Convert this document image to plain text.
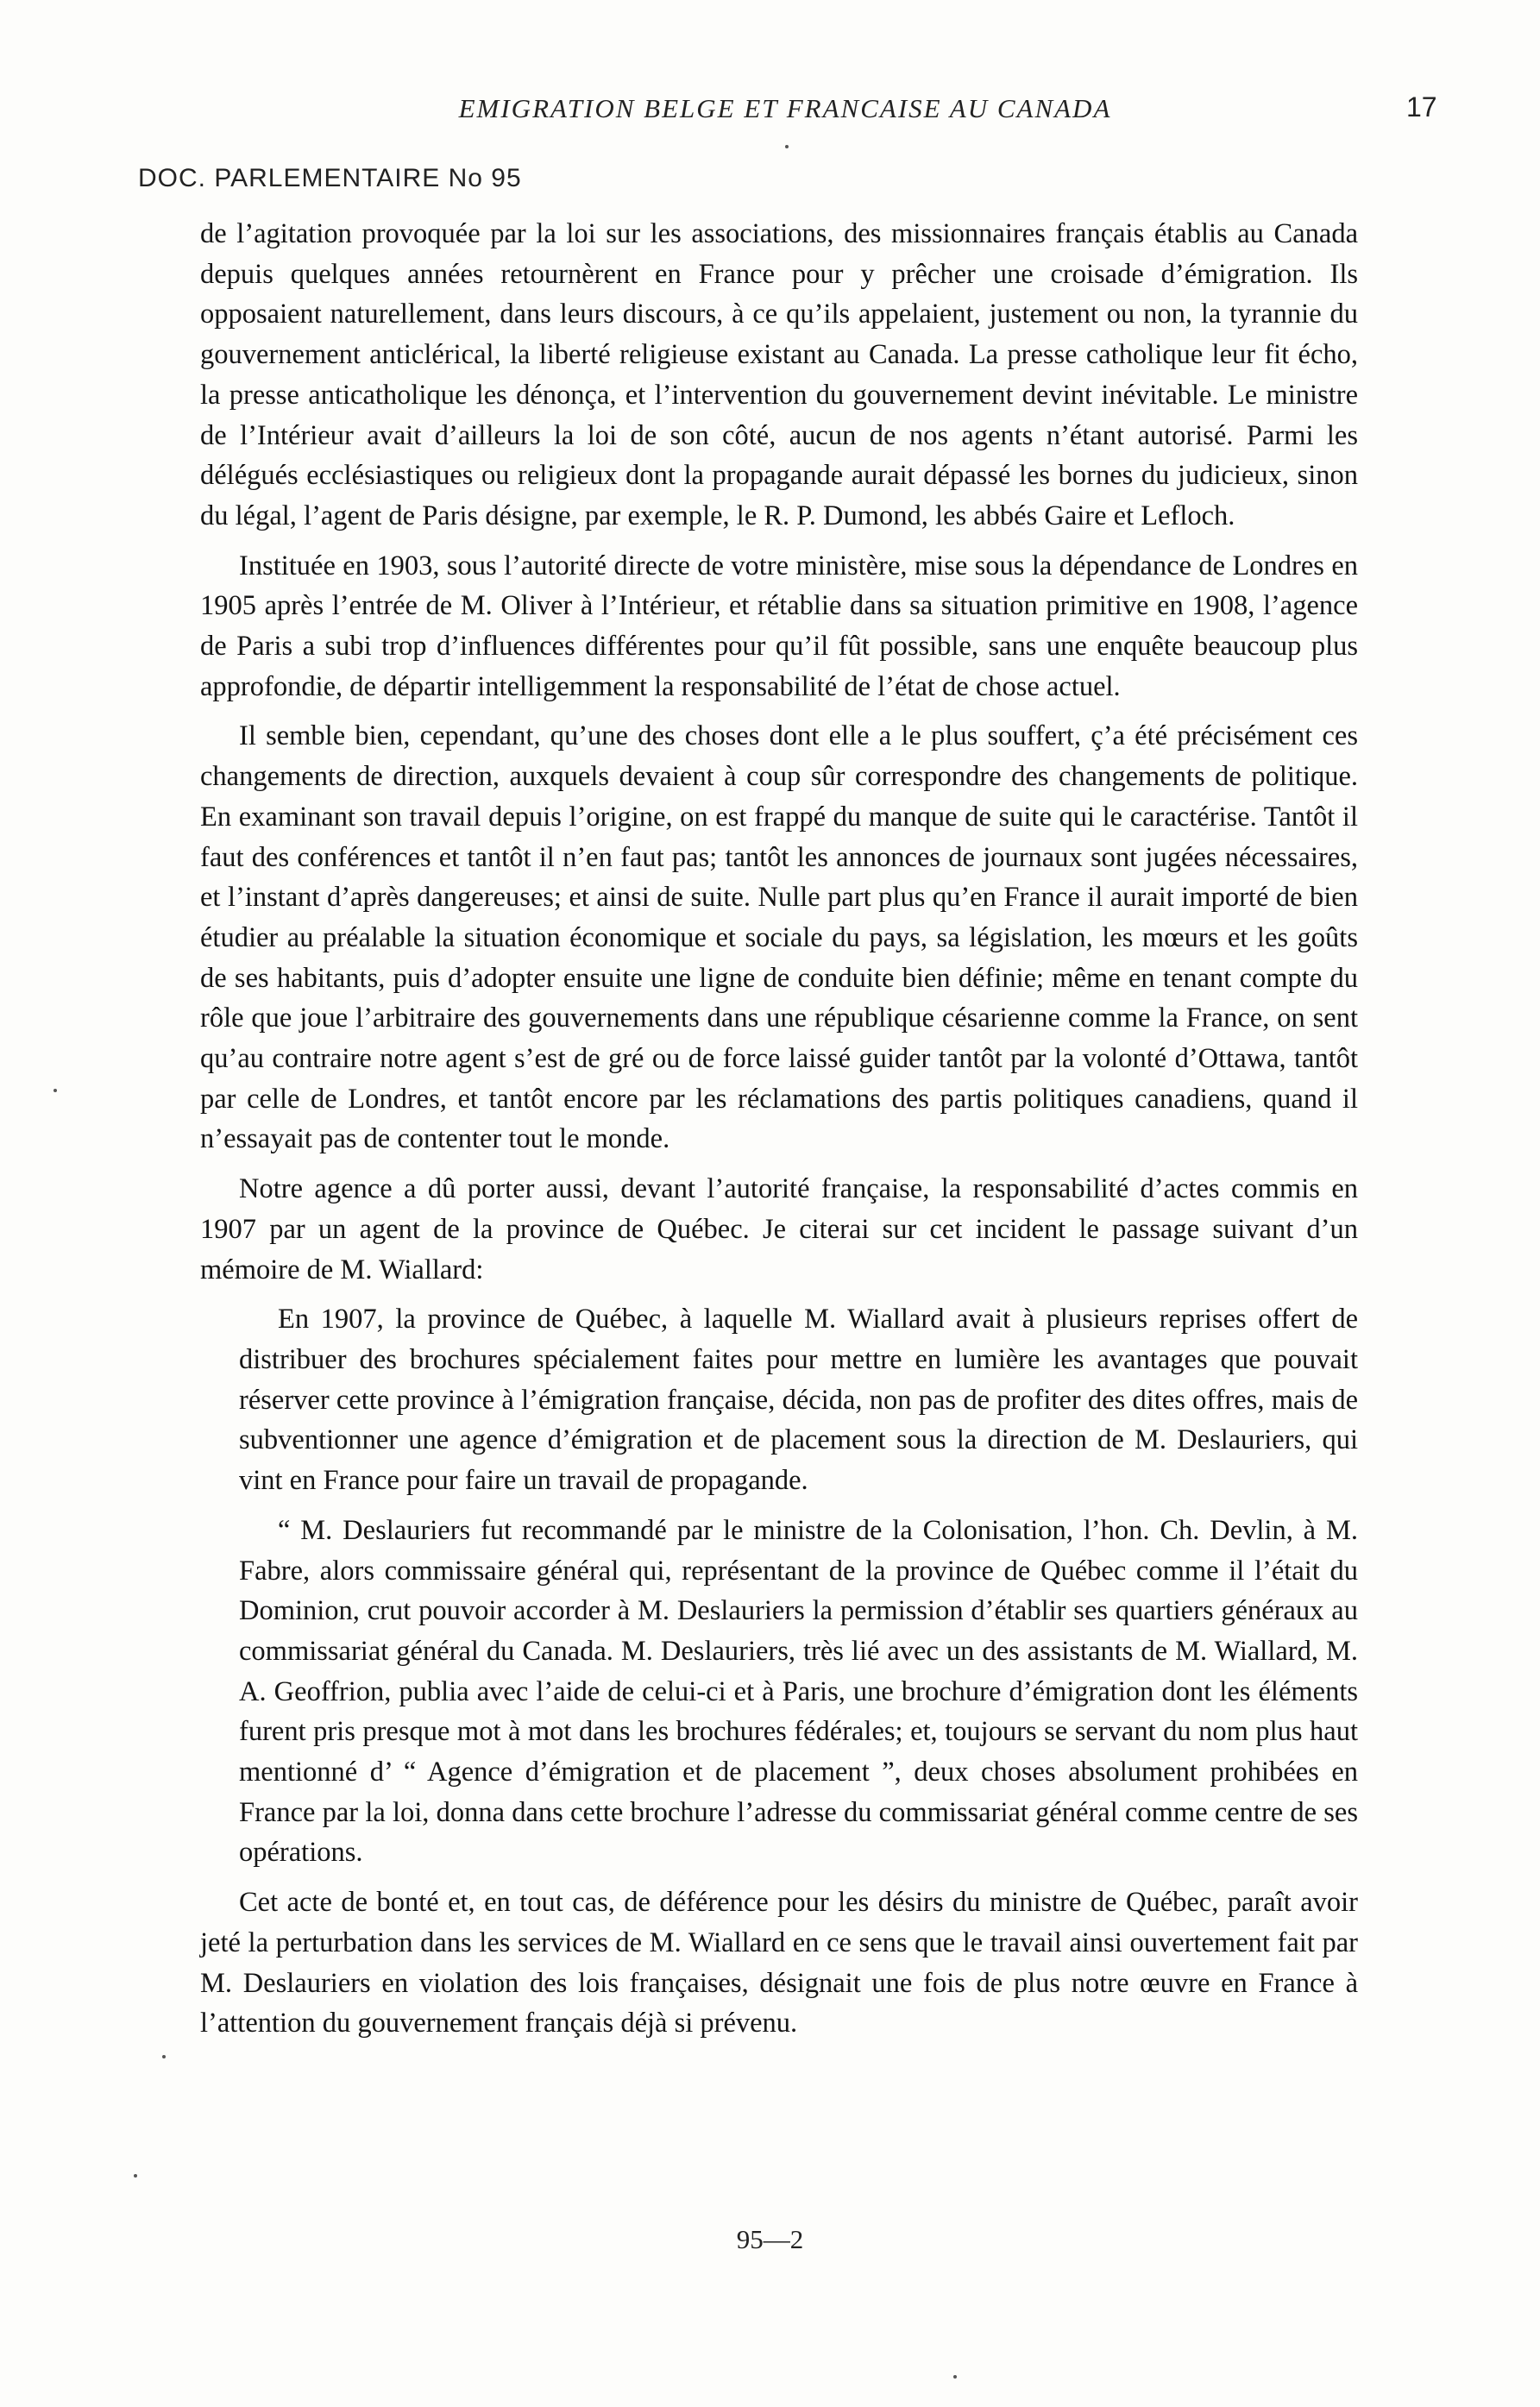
EMIGRATION BELGE ET FRANCAISE AU CANADA	17
DOC. PARLEMENTAIRE No 95

de l’agitation provoquée par la loi sur les associations, des missionnaires français établis au Canada depuis quelques années retournèrent en France pour y prêcher une croisade d’émigration. Ils opposaient naturellement, dans leurs discours, à ce qu’ils appelaient, justement ou non, la tyrannie du gouvernement anticlérical, la liberté religieuse existant au Canada. La presse catholique leur fit écho, la presse anticatholique les dénonça, et l’intervention du gouvernement devint inévitable. Le ministre de l’Intérieur avait d’ailleurs la loi de son côté, aucun de nos agents n’étant autorisé. Parmi les délégués ecclésiastiques ou religieux dont la propagande aurait dépassé les bornes du judicieux, sinon du légal, l’agent de Paris désigne, par exemple, le R. P. Dumond, les abbés Gaire et Lefloch.

Instituée en 1903, sous l’autorité directe de votre ministère, mise sous la dépendance de Londres en 1905 après l’entrée de M. Oliver à l’Intérieur, et rétablie dans sa situation primitive en 1908, l’agence de Paris a subi trop d’influences différentes pour qu’il fût possible, sans une enquête beaucoup plus approfondie, de départir intelligemment la responsabilité de l’état de chose actuel.

Il semble bien, cependant, qu’une des choses dont elle a le plus souffert, ç’a été précisément ces changements de direction, auxquels devaient à coup sûr correspondre des changements de politique. En examinant son travail depuis l’origine, on est frappé du manque de suite qui le caractérise. Tantôt il faut des conférences et tantôt il n’en faut pas; tantôt les annonces de journaux sont jugées nécessaires, et l’instant d’après dangereuses; et ainsi de suite. Nulle part plus qu’en France il aurait importé de bien étudier au préalable la situation économique et sociale du pays, sa législation, les mœurs et les goûts de ses habitants, puis d’adopter ensuite une ligne de conduite bien définie; même en tenant compte du rôle que joue l’arbitraire des gouvernements dans une république césarienne comme la France, on sent qu’au contraire notre agent s’est de gré ou de force laissé guider tantôt par la volonté d’Ottawa, tantôt par celle de Londres, et tantôt encore par les réclamations des partis politiques canadiens, quand il n’essayait pas de contenter tout le monde.

Notre agence a dû porter aussi, devant l’autorité française, la responsabilité d’actes commis en 1907 par un agent de la province de Québec. Je citerai sur cet incident le passage suivant d’un mémoire de M. Wiallard:

En 1907, la province de Québec, à laquelle M. Wiallard avait à plusieurs reprises offert de distribuer des brochures spécialement faites pour mettre en lumière les avantages que pouvait réserver cette province à l’émigration française, décida, non pas de profiter des dites offres, mais de subventionner une agence d’émigration et de placement sous la direction de M. Deslauriers, qui vint en France pour faire un travail de propagande.

“ M. Deslauriers fut recommandé par le ministre de la Colonisation, l’hon. Ch. Devlin, à M. Fabre, alors commissaire général qui, représentant de la province de Québec comme il l’était du Dominion, crut pouvoir accorder à M. Deslauriers la permission d’établir ses quartiers généraux au commissariat général du Canada. M. Deslauriers, très lié avec un des assistants de M. Wiallard, M. A. Geoffrion, publia avec l’aide de celui-ci et à Paris, une brochure d’émigration dont les éléments furent pris presque mot à mot dans les brochures fédérales; et, toujours se servant du nom plus haut mentionné d’ “ Agence d’émigration et de placement ”, deux choses absolument prohibées en France par la loi, donna dans cette brochure l’adresse du commissariat général comme centre de ses opérations.

Cet acte de bonté et, en tout cas, de déférence pour les désirs du ministre de Québec, paraît avoir jeté la perturbation dans les services de M. Wiallard en ce sens que le travail ainsi ouvertement fait par M. Deslauriers en violation des lois françaises, désignait une fois de plus notre œuvre en France à l’attention du gouvernement français déjà si prévenu.

95—2
